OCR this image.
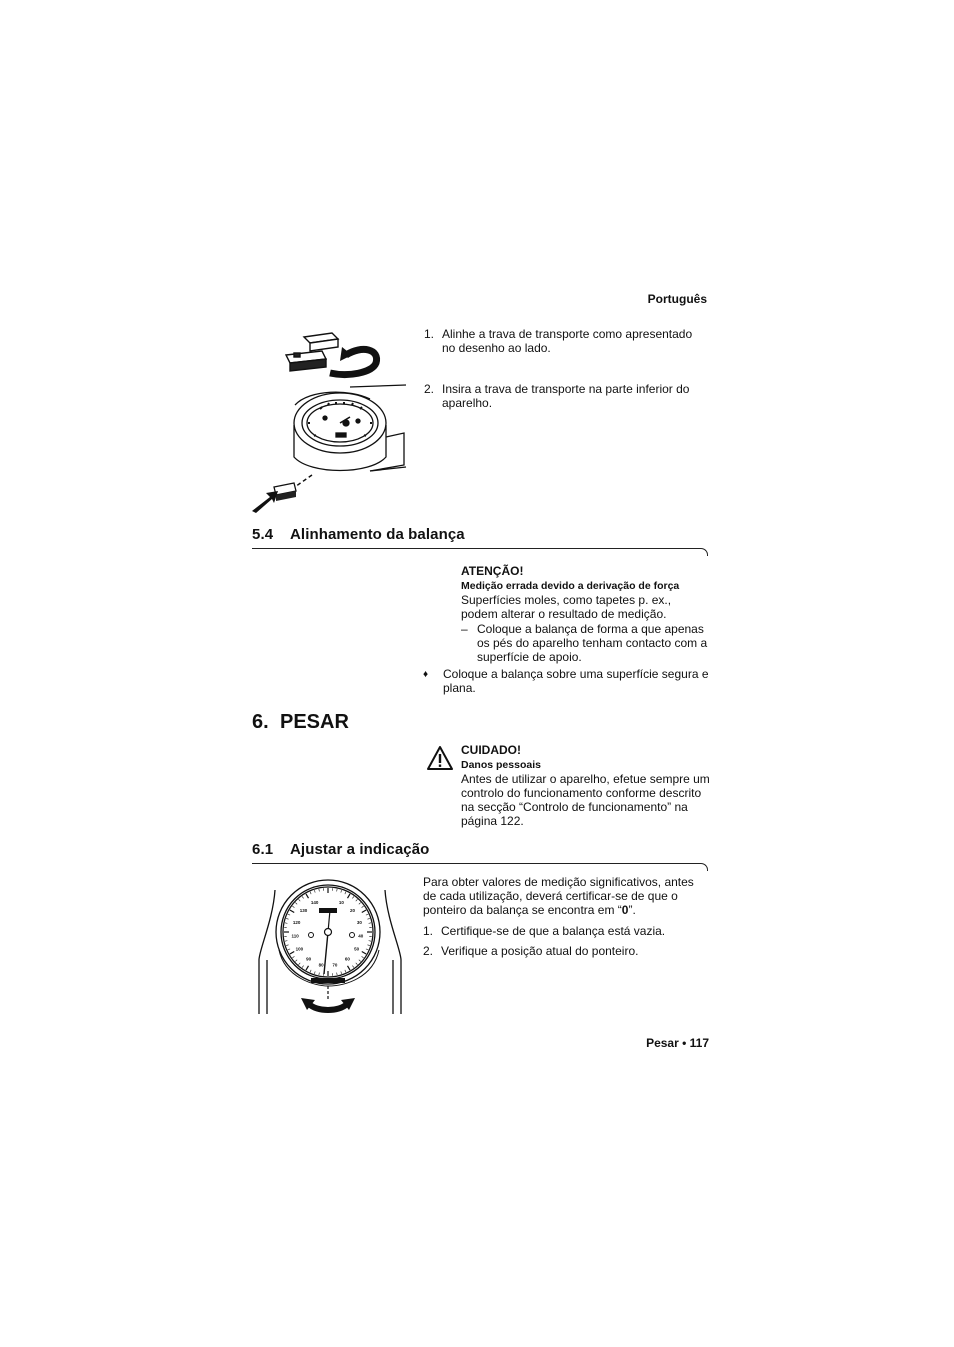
Português
1. Alinhe a trava de transporte como apresentado no desenho ao lado.
2. Insira a trava de transporte na parte inferior do aparelho.
5.4 Alinhamento da balança
ATENÇÃO!
Medição errada devido a derivação de força
Superfícies moles, como tapetes p. ex., podem alterar o resultado de medição.
– Coloque a balança de forma a que apenas os pés do aparelho tenham contacto com a superfície de apoio.
♦	Coloque a balança sobre uma superfície segura e plana.
6. PESAR
CUIDADO!
Danos pessoais
Antes de utilizar o aparelho, efetue sempre um controlo do funcionamento conforme descrito na secção “Controlo de funcionamento” na página 122.
6.1 Ajustar a indicação
10
20
30
40
50
60
70
80
90
100
110
120
130
140
Para obter valores de medição significativos, antes de cada utilização, deverá certificar-se de que o ponteiro da balança se encontra em “0”.
1. Certifique-se de que a balança está vazia.
2. Verifique a posição atual do ponteiro.
Pesar • 117
